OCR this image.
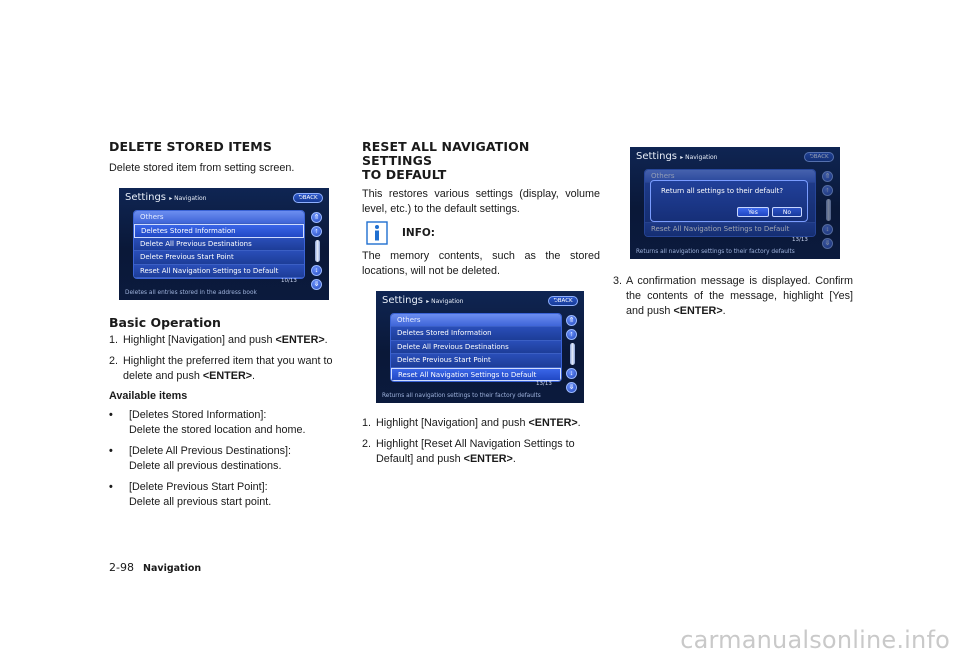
DELETE STORED ITEMS

Delete stored item from setting screen.

Settings ▸ Navigation	⮌BACK
Others
Deletes Stored Information
Delete All Previous Destinations
Delete Previous Start Point
Reset All Navigation Settings to Default
⇑
↑
↓
⇓
10/13
Deletes all entries stored in the address book
Basic Operation
1. Highlight [Navigation] and push <ENTER>.
2. Highlight the preferred item that you want to delete and push <ENTER>.
Available items
• [Deletes Stored Information]:
Delete the stored location and home.
• [Delete All Previous Destinations]:
Delete all previous destinations.
• [Delete Previous Start Point]:
Delete all previous start point.
RESET ALL NAVIGATION SETTINGS
TO DEFAULT

This restores various settings (display, volume level, etc.) to the default settings.

INFO:

The memory contents, such as the stored locations, will not be deleted.

Settings ▸ Navigation	⮌BACK
Others
Deletes Stored Information
Delete All Previous Destinations
Delete Previous Start Point
Reset All Navigation Settings to Default
⇑
↑
↓
⇓
13/13
Returns all navigation settings to their factory defaults
1. Highlight [Navigation] and push <ENTER>.
2. Highlight [Reset All Navigation Settings to Default] and push <ENTER>.
Settings ▸ Navigation	⮌BACK
Others
Reset All Navigation Settings to Default
⇑
↑
↓
⇓
Return all settings to their default?
Yes	No
13/13
Returns all navigation settings to their factory defaults
3. A confirmation message is displayed. Confirm the contents of the message, highlight [Yes] and push <ENTER>.
2-98 Navigation
carmanualsonline.info
